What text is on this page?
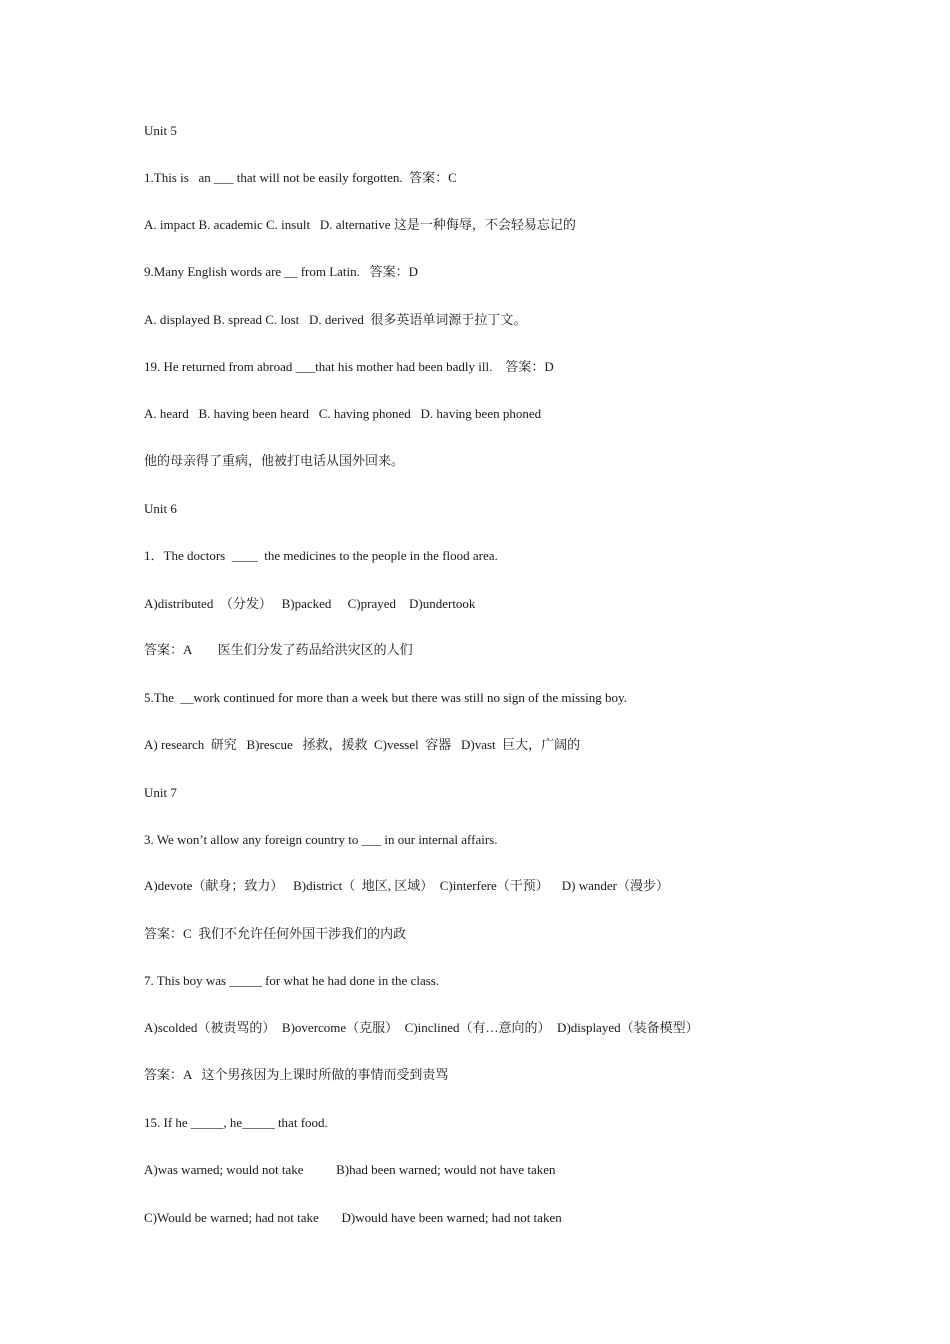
Unit 5

1.This is   an ___ that will not be easily forgotten.  答案：C

A. impact B. academic C. insult   D. alternative 这是一种侮辱，不会轻易忘记的

9.Many English words are __ from Latin.   答案：D

A. displayed B. spread C. lost   D. derived  很多英语单词源于拉丁文。

19. He returned from abroad ___that his mother had been badly ill.    答案：D

A. heard   B. having been heard   C. having phoned   D. having been phoned

他的母亲得了重病，他被打电话从国外回来。

Unit 6

1．The doctors  ____  the medicines to the people in the flood area.

A)distributed  （分发）   B)packed     C)prayed    D)undertook

答案：A        医生们分发了药品给洪灾区的人们

5.The  __work continued for more than a week but there was still no sign of the missing boy.

A) research  研究   B)rescue   拯救，援救  C)vessel  容器   D)vast  巨大，广阔的

Unit 7

3. We won’t allow any foreign country to ___ in our internal affairs.

A)devote（献身；致力）   B)district（  地区, 区域）  C)interfere（干预）    D) wander（漫步）

答案：C  我们不允许任何外国干涉我们的内政

7. This boy was _____ for what he had done in the class.

A)scolded（被责骂的）  B)overcome（克服）  C)inclined（有…意向的）  D)displayed（装备模型）

答案：A   这个男孩因为上课时所做的事情而受到责骂

15. If he _____, he_____ that food.

A)was warned; would not take          B)had been warned; would not have taken

C)Would be warned; had not take       D)would have been warned; had not taken
